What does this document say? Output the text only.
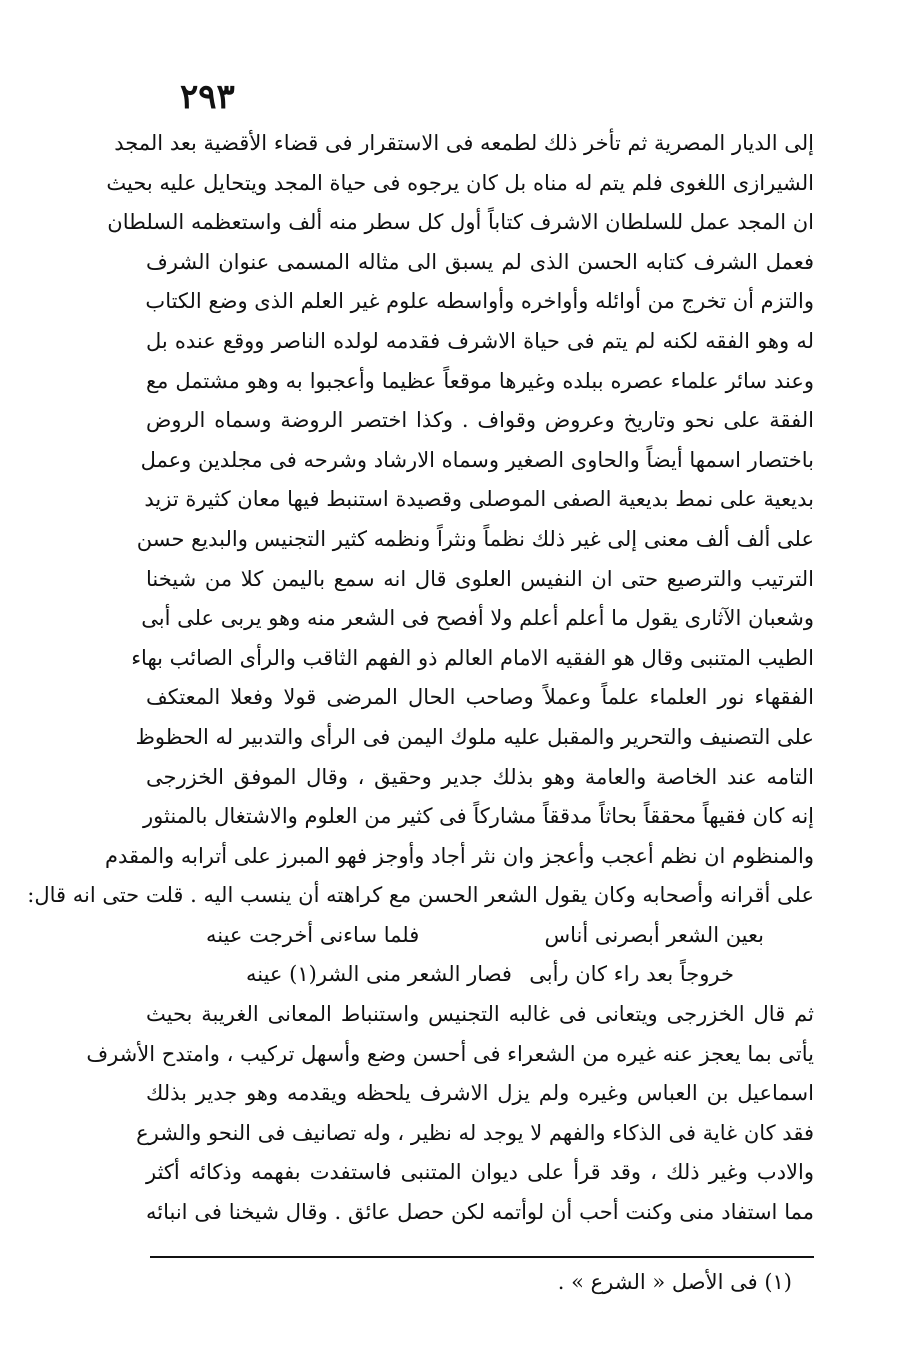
٢٩٣
إلى الديار المصرية ثم تأخر ذلك لطمعه فى الاستقرار فى قضاء الأقضية بعد المجد
الشيرازى اللغوى فلم يتم له مناه بل كان يرجوه فى حياة المجد ويتحايل عليه بحيث
ان المجد عمل للسلطان الاشرف كتاباً أول كل سطر منه ألف واستعظمه السلطان
فعمل الشرف كتابه الحسن الذى لم يسبق الى مثاله المسمى عنوان الشرف
والتزم أن تخرج من أوائله وأواخره وأواسطه علوم غير العلم الذى وضع الكتاب
له وهو الفقه لكنه لم يتم فى حياة الاشرف فقدمه لولده الناصر ووقع عنده بل
وعند سائر علماء عصره ببلده وغيرها موقعاً عظيما وأعجبوا به وهو مشتمل مع
الفقة على نحو وتاريخ وعروض وقواف . وكذا اختصر الروضة وسماه الروض
باختصار اسمها أيضاً والحاوى الصغير وسماه الارشاد وشرحه فى مجلدين وعمل
بديعية على نمط بديعية الصفى الموصلى وقصيدة استنبط فيها معان كثيرة تزيد
على ألف ألف معنى إلى غير ذلك نظماً ونثراً ونظمه كثير التجنيس والبديع حسن
الترتيب والترصيع حتى ان النفيس العلوى قال انه سمع باليمن كلا من شيخنا
وشعبان الآثارى يقول ما أعلم أعلم ولا أفصح فى الشعر منه وهو يربى على أبى
الطيب المتنبى وقال هو الفقيه الامام العالم ذو الفهم الثاقب والرأى الصائب بهاء
الفقهاء نور العلماء علماً وعملاً وصاحب الحال المرضى قولا وفعلا المعتكف
على التصنيف والتحرير والمقبل عليه ملوك اليمن فى الرأى والتدبير له الحظوظ
التامه عند الخاصة والعامة وهو بذلك جدير وحقيق ، وقال الموفق الخزرجى
إنه كان فقيهاً محققاً بحاثاً مدققاً مشاركاً فى كثير من العلوم والاشتغال بالمنثور
والمنظوم ان نظم أعجب وأعجز وان نثر أجاد وأوجز فهو المبرز على أترابه والمقدم
على أقرانه وأصحابه وكان يقول الشعر الحسن مع كراهته أن ينسب اليه . قلت حتى انه قال:
بعين الشعر أبصرنى أناس
فلما ساءنى أخرجت عينه
خروجاً بعد راء كان رأبى
فصار الشعر منى الشر(١) عينه
ثم قال الخزرجى ويتعانى فى غالبه التجنيس واستنباط المعانى الغريبة بحيث
يأتى بما يعجز عنه غيره من الشعراء فى أحسن وضع وأسهل تركيب ، وامتدح الأشرف
اسماعيل بن العباس وغيره ولم يزل الاشرف يلحظه ويقدمه وهو جدير بذلك
فقد كان غاية فى الذكاء والفهم لا يوجد له نظير ، وله تصانيف فى النحو والشرع
والادب وغير ذلك ، وقد قرأ على ديوان المتنبى فاستفدت بفهمه وذكائه أكثر
مما استفاد منى وكنت أحب أن لوأتمه لكن حصل عائق . وقال شيخنا فى انبائه
(١) فى الأصل « الشرع » .
